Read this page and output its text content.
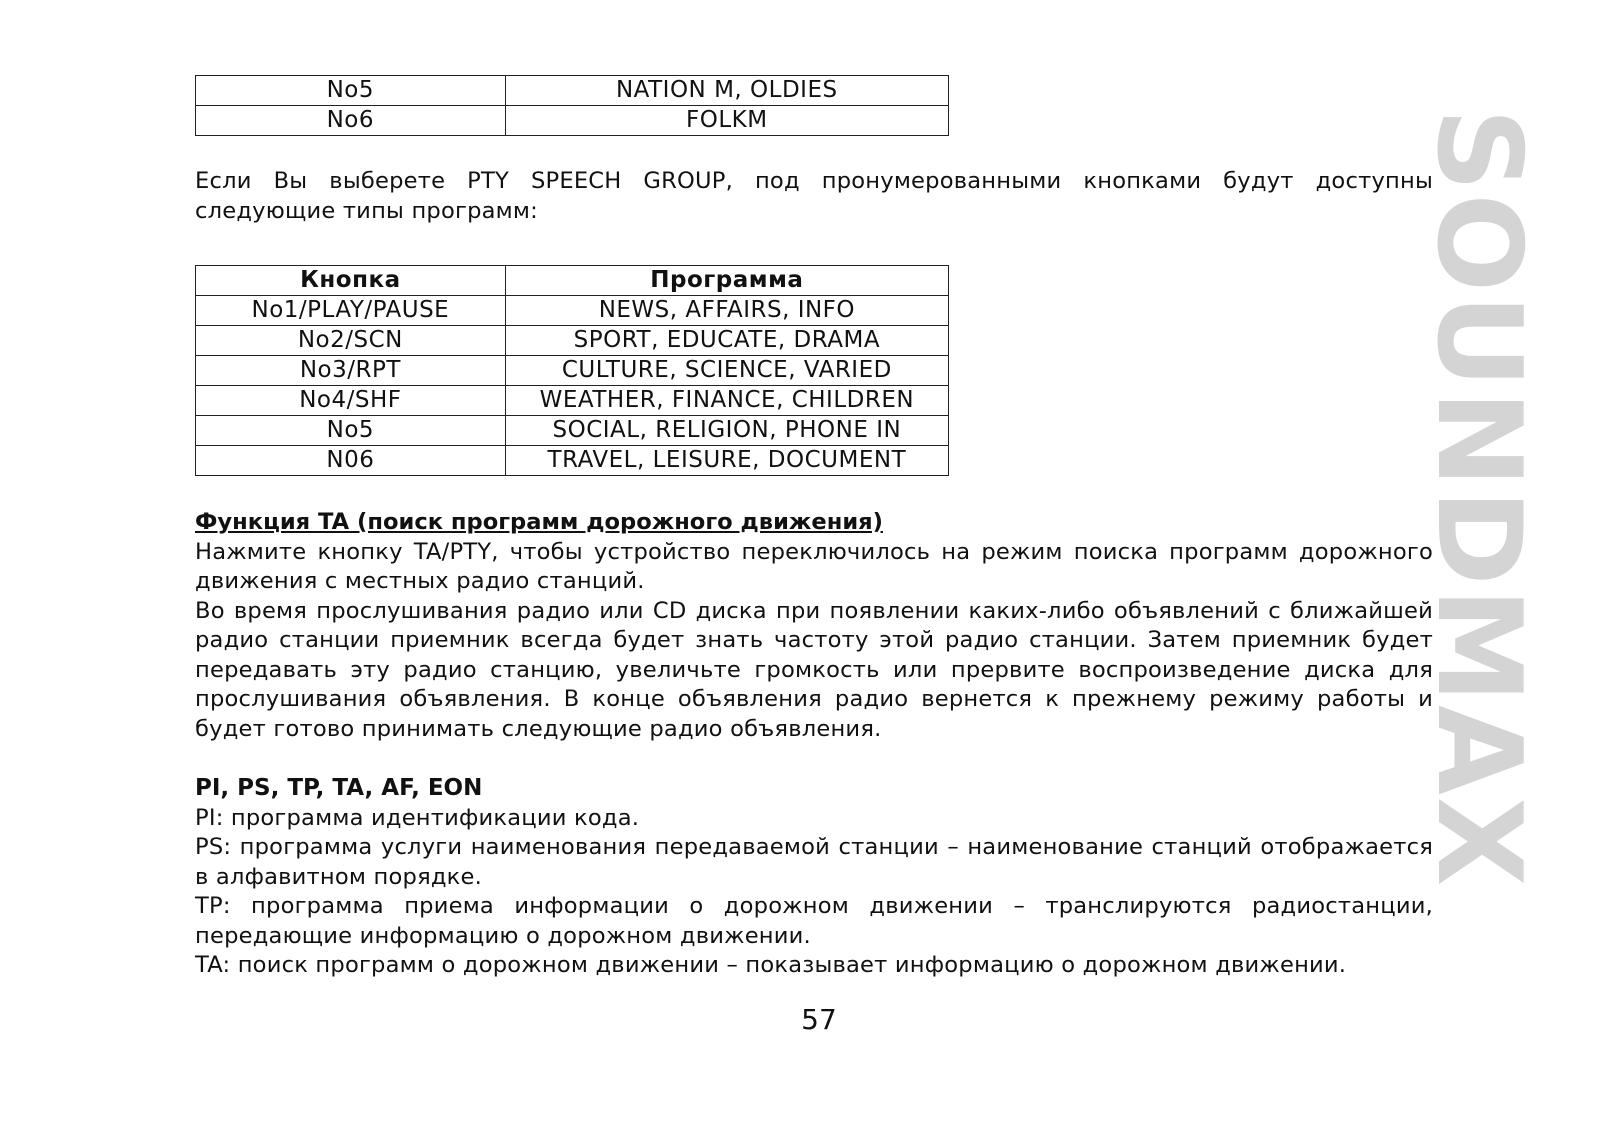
No5	NATION M, OLDIES
No6	FOLKM

Если Вы выберете PTY SPEECH GROUP, под пронумерованными кнопками будут доступны следующие типы программ:

Кнопка	Программа
No1/PLAY/PAUSE	NEWS, AFFAIRS, INFO
No2/SCN	SPORT, EDUCATE, DRAMA
No3/RPT	CULTURE, SCIENCE, VARIED
No4/SHF	WEATHER, FINANCE, CHILDREN
No5	SOCIAL, RELIGION, PHONE IN
N06	TRAVEL, LEISURE, DOCUMENT
Функция TA (поиск программ дорожного движения)

Нажмите кнопку TA/PTY, чтобы устройство переключилось на режим поиска программ дорожного движения с местных радио станций.

Во время прослушивания радио или CD диска при появлении каких-либо объявлений с ближайшей радио станции приемник всегда будет знать частоту этой радио станции. Затем приемник будет передавать эту радио станцию, увеличьте громкость или прервите воспроизведение диска для прослушивания объявления. В конце объявления радио вернется к прежнему режиму работы и будет готово принимать следующие радио объявления.

PI, PS, TP, TA, AF, EON

PI: программа идентификации кода.

PS: программа услуги наименования передаваемой станции – наименование станций отображается в алфавитном порядке.

TP: программа приема информации о дорожном движении – транслируются радиостанции, передающие информацию о дорожном движении.

TA: поиск программ о дорожном движении – показывает информацию о дорожном движении.

57
SOUNDMAX
